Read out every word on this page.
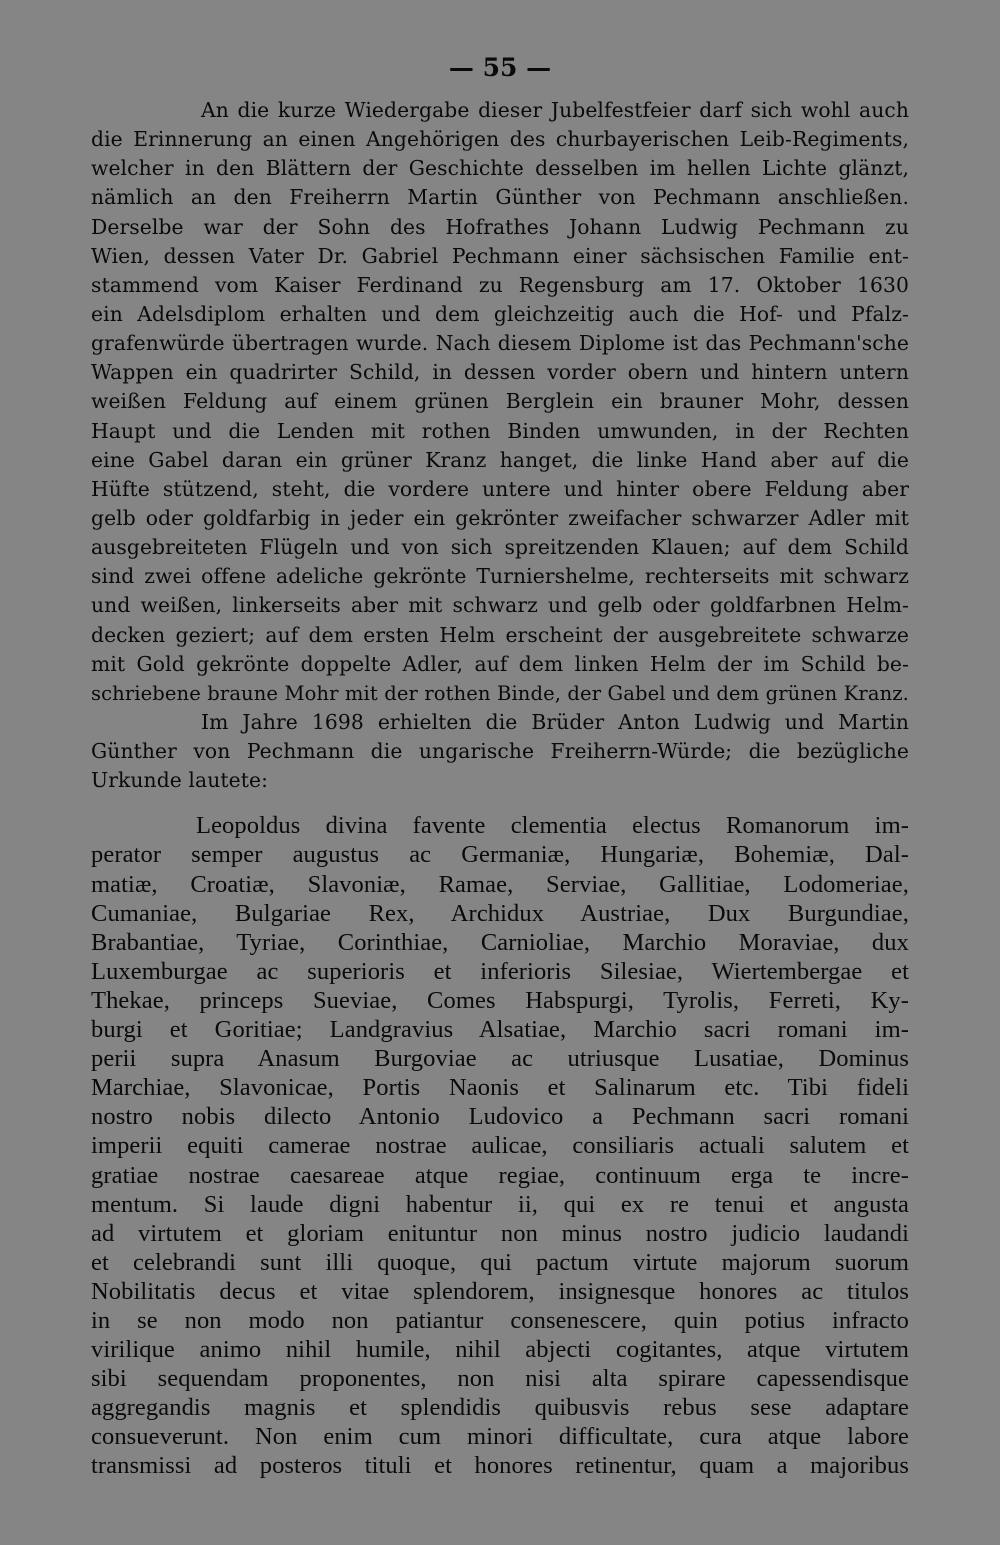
— 55 —
An die kurze Wiedergabe dieser Jubelfestfeier darf sich wohl auch
die Erinnerung an einen Angehörigen des churbayerischen Leib-Regiments,
welcher in den Blättern der Geschichte desselben im hellen Lichte glänzt,
nämlich an den Freiherrn Martin Günther von Pechmann anschließen.
Derselbe war der Sohn des Hofrathes Johann Ludwig Pechmann zu
Wien, dessen Vater Dr. Gabriel Pechmann einer sächsischen Familie ent-
stammend vom Kaiser Ferdinand zu Regensburg am 17. Oktober 1630
ein Adelsdiplom erhalten und dem gleichzeitig auch die Hof- und Pfalz-
grafenwürde übertragen wurde. Nach diesem Diplome ist das Pechmann'sche
Wappen ein quadrirter Schild, in dessen vorder obern und hintern untern
weißen Feldung auf einem grünen Berglein ein brauner Mohr, dessen
Haupt und die Lenden mit rothen Binden umwunden, in der Rechten
eine Gabel daran ein grüner Kranz hanget, die linke Hand aber auf die
Hüfte stützend, steht, die vordere untere und hinter obere Feldung aber
gelb oder goldfarbig in jeder ein gekrönter zweifacher schwarzer Adler mit
ausgebreiteten Flügeln und von sich spreitzenden Klauen; auf dem Schild
sind zwei offene adeliche gekrönte Turniershelme, rechterseits mit schwarz
und weißen, linkerseits aber mit schwarz und gelb oder goldfarbnen Helm-
decken geziert; auf dem ersten Helm erscheint der ausgebreitete schwarze
mit Gold gekrönte doppelte Adler, auf dem linken Helm der im Schild be-
schriebene braune Mohr mit der rothen Binde, der Gabel und dem grünen Kranz.
Im Jahre 1698 erhielten die Brüder Anton Ludwig und Martin
Günther von Pechmann die ungarische Freiherrn-Würde; die bezügliche
Urkunde lautete:
Leopoldus divina favente clementia electus Romanorum im-
perator semper augustus ac Germaniæ, Hungariæ, Bohemiæ, Dal-
matiæ, Croatiæ, Slavoniæ, Ramae, Serviae, Gallitiae, Lodomeriae,
Cumaniae, Bulgariae Rex, Archidux Austriae, Dux Burgundiae,
Brabantiae, Tyriae, Corinthiae, Carnioliae, Marchio Moraviae, dux
Luxemburgae ac superioris et inferioris Silesiae, Wiertembergae et
Thekae, princeps Sueviae, Comes Habspurgi, Tyrolis, Ferreti, Ky-
burgi et Goritiae; Landgravius Alsatiae, Marchio sacri romani im-
perii supra Anasum Burgoviae ac utriusque Lusatiae, Dominus
Marchiae, Slavonicae, Portis Naonis et Salinarum etc. Tibi fideli
nostro nobis dilecto Antonio Ludovico a Pechmann sacri romani
imperii equiti camerae nostrae aulicae, consiliaris actuali salutem et
gratiae nostrae caesareae atque regiae, continuum erga te incre-
mentum. Si laude digni habentur ii, qui ex re tenui et angusta
ad virtutem et gloriam enituntur non minus nostro judicio laudandi
et celebrandi sunt illi quoque, qui pactum virtute majorum suorum
Nobilitatis decus et vitae splendorem, insignesque honores ac titulos
in se non modo non patiantur consenescere, quin potius infracto
virilique animo nihil humile, nihil abjecti cogitantes, atque virtutem
sibi sequendam proponentes, non nisi alta spirare capessendisque
aggregandis magnis et splendidis quibusvis rebus sese adaptare
consueverunt. Non enim cum minori difficultate, cura atque labore
transmissi ad posteros tituli et honores retinentur, quam a majoribus
